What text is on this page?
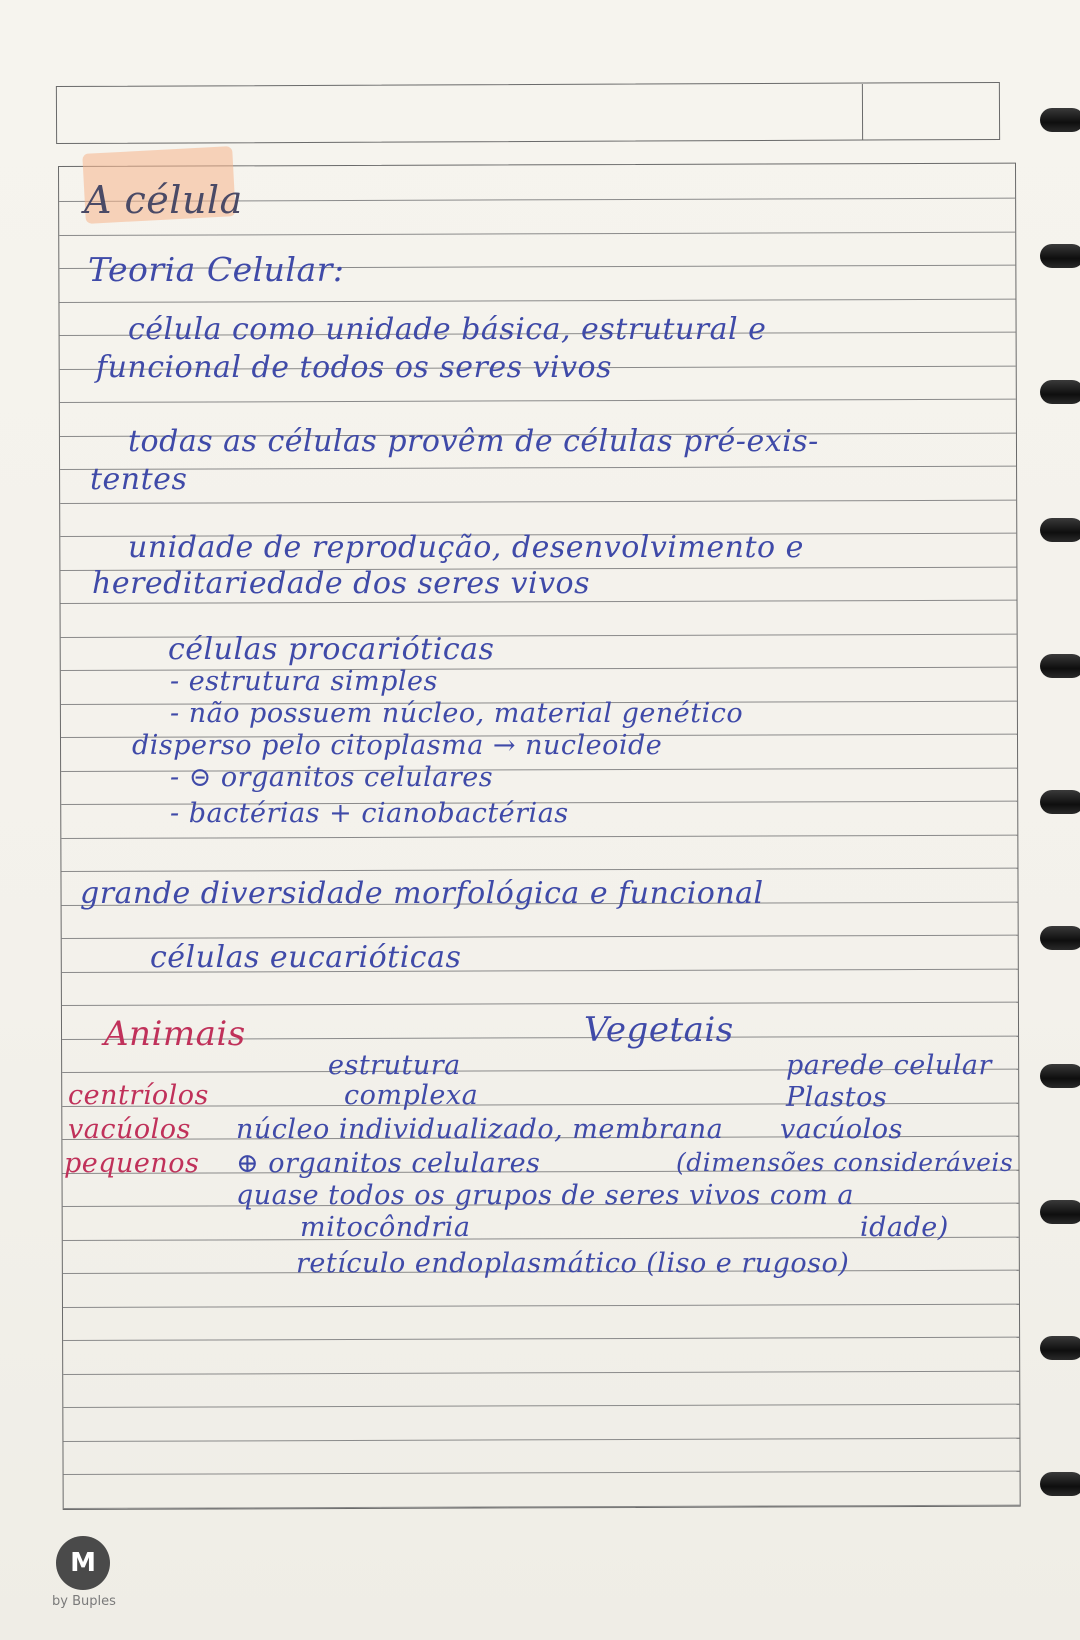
A célula
Teoria Celular:
célula como unidade básica, estrutural e
funcional de todos os seres vivos
todas as células provêm de células pré-exis-
tentes
unidade de reprodução, desenvolvimento e
hereditariedade dos seres vivos
células procarióticas
- estrutura simples
- não possuem núcleo, material genético
disperso pelo citoplasma → nucleoide
- ⊝ organitos celulares
- bactérias + cianobactérias
grande diversidade morfológica e funcional
células eucarióticas
Animais	Vegetais
estrutura
centríolos	complexa
vacúolos núcleo individualizado, membrana
pequenos ⊕ organitos celulares
quase todos os grupos de seres vivos com a
mitocôndria
retículo endoplasmático (liso e rugoso)
parede celular
Plastos
vacúolos
(dimensões consideráveis
idade)
M
by Buples
